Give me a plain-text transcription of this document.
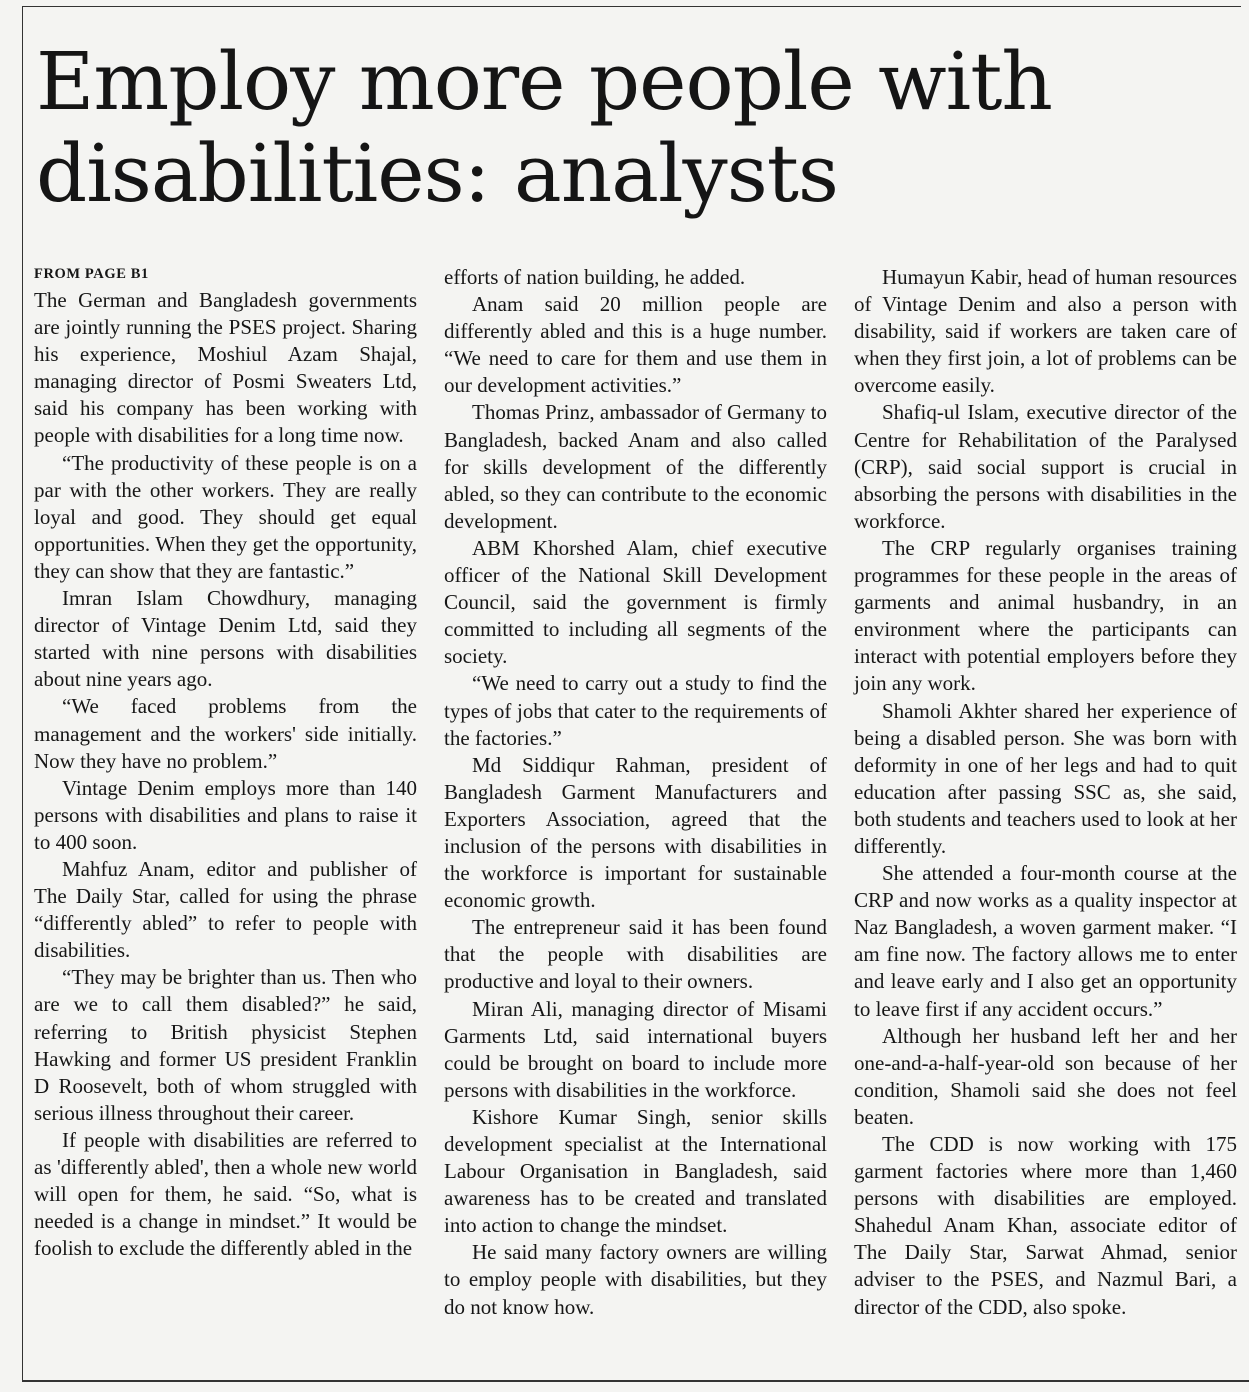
Employ more people with disabilities: analysts
FROM PAGE B1

The German and Bangladesh governments are jointly running the PSES project. Sharing his experience, Moshiul Azam Shajal, managing director of Posmi Sweaters Ltd, said his company has been working with people with disabilities for a long time now.

“The productivity of these people is on a par with the other workers. They are really loyal and good. They should get equal opportunities. When they get the opportunity, they can show that they are fantastic.”

Imran Islam Chowdhury, managing director of Vintage Denim Ltd, said they started with nine persons with disabilities about nine years ago.

“We faced problems from the management and the workers' side initially. Now they have no problem.”

Vintage Denim employs more than 140 persons with disabilities and plans to raise it to 400 soon.

Mahfuz Anam, editor and publisher of The Daily Star, called for using the phrase “differently abled” to refer to people with disabilities.

“They may be brighter than us. Then who are we to call them disabled?” he said, referring to British physicist Stephen Hawking and former US president Franklin D Roosevelt, both of whom struggled with serious illness throughout their career.

If people with disabilities are referred to as 'differently abled', then a whole new world will open for them, he said. “So, what is needed is a change in mindset.” It would be foolish to exclude the differently abled in the

efforts of nation building, he added.

Anam said 20 million people are differently abled and this is a huge number. “We need to care for them and use them in our development activities.”

Thomas Prinz, ambassador of Germany to Bangladesh, backed Anam and also called for skills development of the differently abled, so they can contribute to the economic development.

ABM Khorshed Alam, chief executive officer of the National Skill Development Council, said the government is firmly committed to including all segments of the society.

“We need to carry out a study to find the types of jobs that cater to the requirements of the factories.”

Md Siddiqur Rahman, president of Bangladesh Garment Manufacturers and Exporters Association, agreed that the inclusion of the persons with disabilities in the workforce is important for sustainable economic growth.

The entrepreneur said it has been found that the people with disabilities are productive and loyal to their owners.

Miran Ali, managing director of Misami Garments Ltd, said international buyers could be brought on board to include more persons with disabilities in the workforce.

Kishore Kumar Singh, senior skills development specialist at the International Labour Organisation in Bangladesh, said awareness has to be created and translated into action to change the mindset.

He said many factory owners are willing to employ people with disabilities, but they do not know how.

Humayun Kabir, head of human resources of Vintage Denim and also a person with disability, said if workers are taken care of when they first join, a lot of problems can be overcome easily.

Shafiq-ul Islam, executive director of the Centre for Rehabilitation of the Paralysed (CRP), said social support is crucial in absorbing the persons with disabilities in the workforce.

The CRP regularly organises training programmes for these people in the areas of garments and animal husbandry, in an environment where the participants can interact with potential employers before they join any work.

Shamoli Akhter shared her experience of being a disabled person. She was born with deformity in one of her legs and had to quit education after passing SSC as, she said, both students and teachers used to look at her differently.

She attended a four-month course at the CRP and now works as a quality inspector at Naz Bangladesh, a woven garment maker. “I am fine now. The factory allows me to enter and leave early and I also get an opportunity to leave first if any accident occurs.”

Although her husband left her and her one-and-a-half-year-old son because of her condition, Shamoli said she does not feel beaten.

The CDD is now working with 175 garment factories where more than 1,460 persons with disabilities are employed. Shahedul Anam Khan, associate editor of The Daily Star, Sarwat Ahmad, senior adviser to the PSES, and Nazmul Bari, a director of the CDD, also spoke.
